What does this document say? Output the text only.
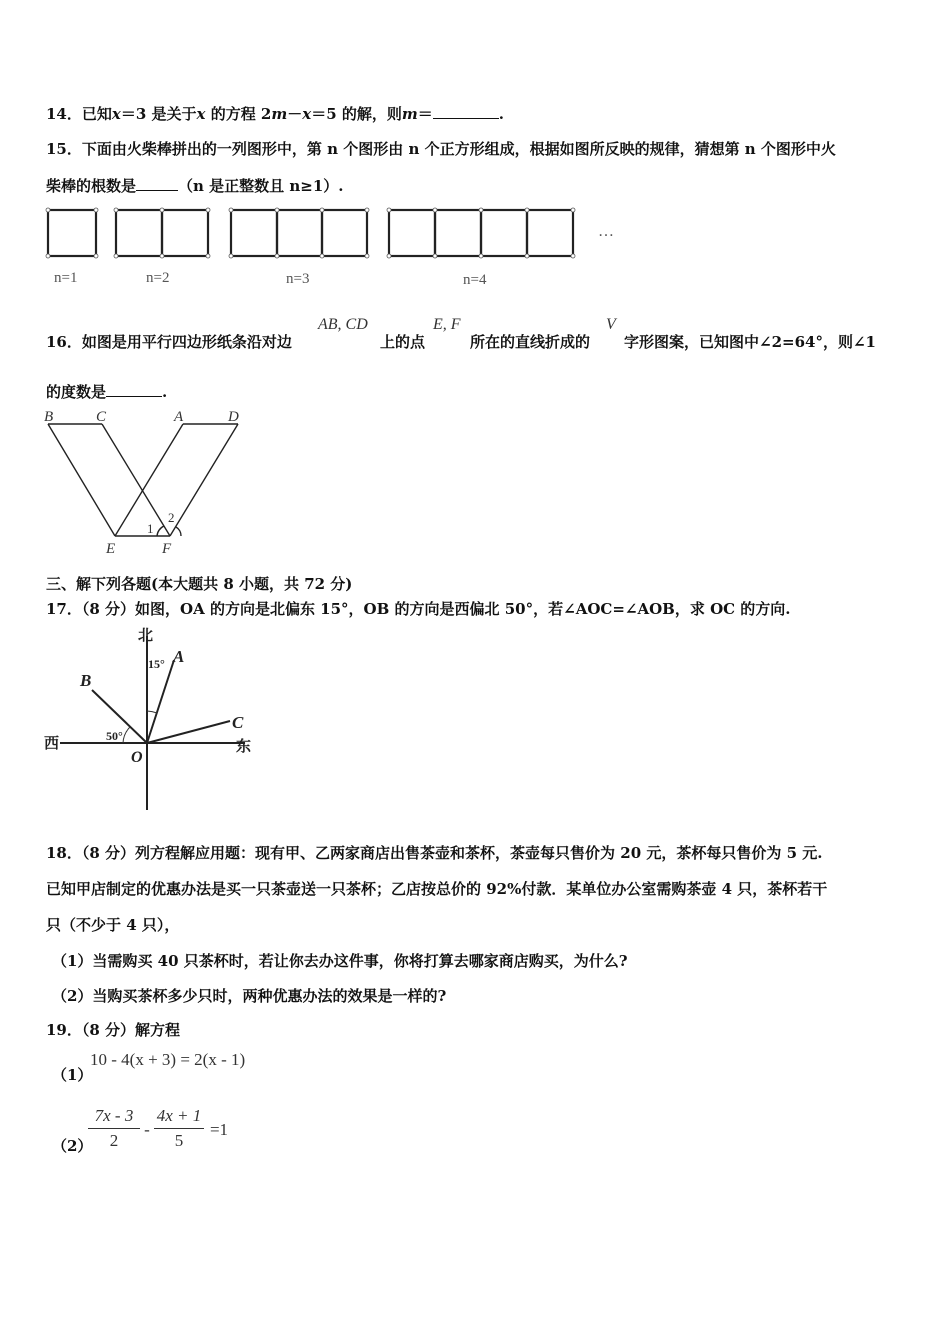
14．已知x＝3 是关于x 的方程 2m－x＝5 的解，则m＝	.
15．下面由火柴棒拼出的一列图形中，第 n 个图形由 n 个正方形组成，根据如图所反映的规律，猜想第 n 个图形中火
柴棒的根数是	（n 是正整数且 n≥1）.
n=1	n=2	n=3	n=4
…
16．如图是用平行四边形纸条沿对边
AB, CD
上的点
E, F
所在的直线折成的
V
字形图案，已知图中∠2=64°，则∠1
的度数是	.
B	C	A	D
E	F
1
2
三、解下列各题(本大题共 8 小题，共 72 分)
17．（8 分）如图，OA 的方向是北偏东 15°，OB 的方向是西偏北 50°，若∠AOC=∠AOB，求 OC 的方向.
北
西	东
O
A
B
C
15°
50°
18．（8 分）列方程解应用题：现有甲、乙两家商店出售茶壶和茶杯，茶壶每只售价为 20 元，茶杯每只售价为 5 元.
已知甲店制定的优惠办法是买一只茶壶送一只茶杯；乙店按总价的 92%付款．某单位办公室需购茶壶 4 只，茶杯若干
只（不少于 4 只），
（1）当需购买 40 只茶杯时，若让你去办这件事，你将打算去哪家商店购买，为什么?
（2）当购买茶杯多少只时，两种优惠办法的效果是一样的?
19．（8 分）解方程
（1）
10 - 4(x + 3) = 2(x - 1)
（2）
$\frac{7x - 3}{2} - \frac{4x + 1}{5} =1$
